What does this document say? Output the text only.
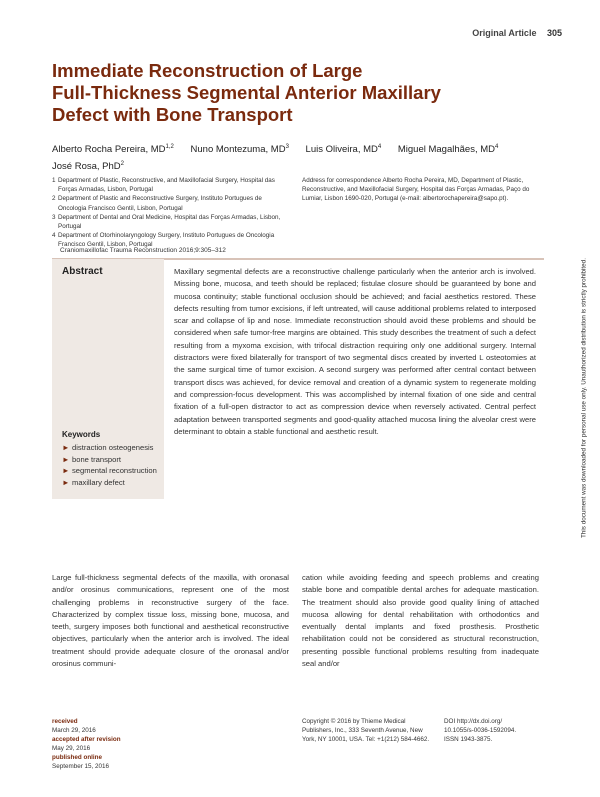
Original Article 305
Immediate Reconstruction of Large
Full-Thickness Segmental Anterior Maxillary
Defect with Bone Transport
Alberto Rocha Pereira, MD$^{1,2}$ Nuno Montezuma, $MD^3$ Luis Oliveira, $MD^4$ Miguel Magalhães, $MD^4$
José Rosa, PhD$^2$
1 Department of Plastic, Reconstructive, and Maxillofacial Surgery, Hospital das Forças Armadas, Lisbon, Portugal
2 Department of Plastic and Reconstructive Surgery, Instituto Portugues de Oncologia Francisco Gentil, Lisbon, Portugal
3 Department of Dental and Oral Medicine, Hospital das Forças Armadas, Lisbon, Portugal
4 Department of Otorhinolaryngology Surgery, Instituto Portugues de Oncologia Francisco Gentil, Lisbon, Portugal
Address for correspondence Alberto Rocha Pereira, MD, Department of Plastic, Reconstructive, and Maxillofacial Surgery, Hospital das Forças Armadas, Paço do Lumiar, Lisbon 1690-020, Portugal (e-mail: albertorochapereira@sapo.pt).
Craniomaxillofac Trauma Reconstruction 2016;9:305–312
Abstract
Keywords
► distraction osteogenesis
► bone transport
► segmental reconstruction
► maxillary defect
Maxillary segmental defects are a reconstructive challenge particularly when the anterior arch is involved. Missing bone, mucosa, and teeth should be replaced; fistulae closure should be guaranteed by bone and mucosa continuity; stable functional occlusion should be achieved; and facial aesthetics restored. These defects resulting from tumor excisions, if left untreated, will cause additional problems related to interposed scar and collapse of lip and nose. Immediate reconstruction should avoid these problems and should be considered when safe tumor-free margins are obtained. This study describes the treatment of such a defect resulting from a myxoma excision, with trifocal distraction requiring only one additional surgery. Internal distractors were fixed bilaterally for transport of two segmental discs created by inverted L osteotomies at the same surgical time of tumor excision. A second surgery was performed after central contact between transport discs was achieved, for device removal and creation of a dynamic system to regenerate molding and compression-focus development. This was accomplished by internal fixation of one side and central fixation of a full-open distractor to act as compression device when reversely activated. Central perfect adaptation between transported segments and good-quality attached mucosa lining the alveolar crest were determinant to obtain a stable functional and aesthetic result.
Large full-thickness segmental defects of the maxilla, with oronasal and/or orosinus communications, represent one of the most challenging problems in reconstructive surgery of the face. Characterized by complex tissue loss, missing bone, mucosa, and teeth, surgery imposes both functional and aesthetical reconstructive objectives, particularly when the anterior arch is involved. The ideal treatment should provide adequate closure of the oronasal and/or orosinus communi-
cation while avoiding feeding and speech problems and creating stable bone and compatible dental arches for adequate mastication. The treatment should also provide good quality lining of attached mucosa allowing for dental rehabilitation with orthodontics and eventually dental implants and fixed prosthesis. Prosthetic rehabilitation could not be considered as structural reconstruction, presenting possible functional problems resulting from inadequate seal and/or
received
March 29, 2016
accepted after revision
May 29, 2016
published online
September 15, 2016
Copyright © 2016 by Thieme Medical Publishers, Inc., 333 Seventh Avenue, New York, NY 10001, USA. Tel: +1(212) 584-4662.
DOI http://dx.doi.org/
10.1055/s-0036-1592094.
ISSN 1943-3875.
This document was downloaded for personal use only. Unauthorized distribution is strictly prohibited.
